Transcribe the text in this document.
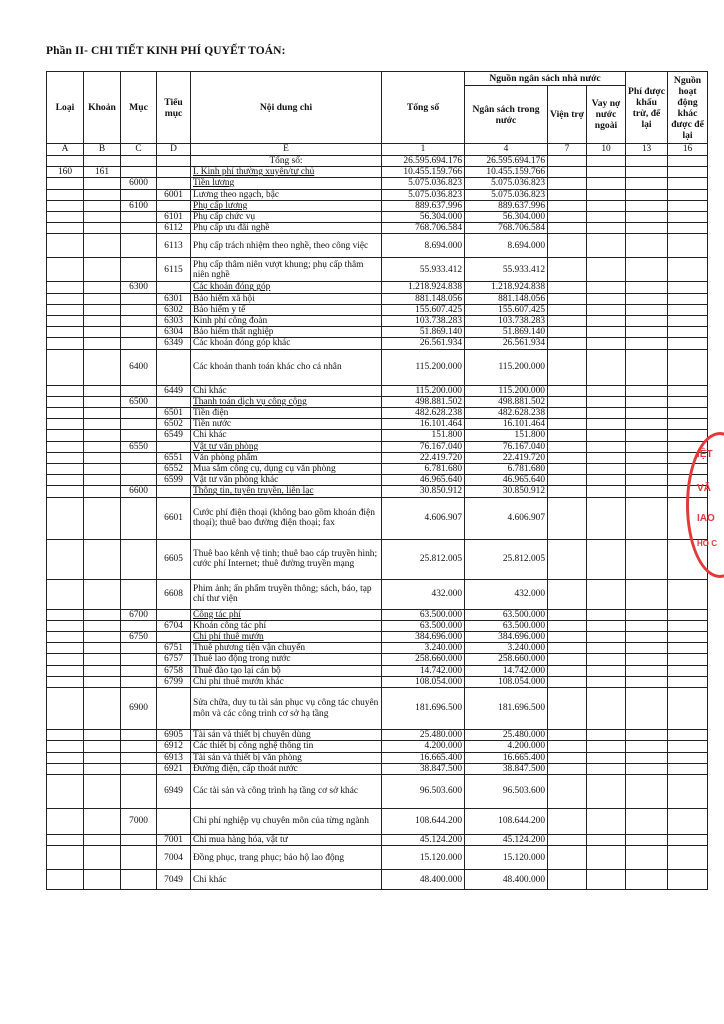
Phần II- CHI TIẾT KINH PHÍ QUYẾT TOÁN:
Loại	Khoản	Mục	Tiểu mục	Nội dung chi	Tổng số	Nguồn ngân sách nhà nước			Phí được khấu trừ, để lại	Nguồn hoạt động khác được để lại
						Ngân sách trong nước	Viện trợ	Vay nợ nước ngoài		
A	B	C	D	E	1	4	7	10	13	16
				Tổng số:	26.595.694.176	26.595.694.176				
160	161			I. Kinh phí thường xuyên/tự chủ	10.455.159.766	10.455.159.766				
		6000		Tiền lương	5.075.036.823	5.075.036.823				
			6001	Lương theo ngạch, bậc	5.075.036.823	5.075.036.823				
		6100		Phụ cấp lương	889.637.996	889.637.996				
			6101	Phụ cấp chức vụ	56.304.000	56.304.000				
			6112	Phụ cấp ưu đãi nghề	768.706.584	768.706.584				
			6113	Phụ cấp trách nhiệm theo nghề, theo công việc	8.694.000	8.694.000				
			6115	Phụ cấp thâm niên vượt khung; phụ cấp thâm niên nghề	55.933.412	55.933.412				
		6300		Các khoản đóng góp	1.218.924.838	1.218.924.838				
			6301	Bảo hiểm xã hội	881.148.056	881.148.056				
			6302	Bảo hiểm y tế	155.607.425	155.607.425				
			6303	Kinh phí công đoàn	103.738.283	103.738.283				
			6304	Bảo hiểm thất nghiệp	51.869.140	51.869.140				
			6349	Các khoản đóng góp khác	26.561.934	26.561.934				
		6400		Các khoản thanh toán khác cho cá nhân	115.200.000	115.200.000				
			6449	Chi khác	115.200.000	115.200.000				
		6500		Thanh toán dịch vụ công cộng	498.881.502	498.881.502				
			6501	Tiền điện	482.628.238	482.628.238				
			6502	Tiền nước	16.101.464	16.101.464				
			6549	Chi khác	151.800	151.800				
		6550		Vật tư văn phòng	76.167.040	76.167.040				
			6551	Văn phòng phẩm	22.419.720	22.419.720				
			6552	Mua sắm công cụ, dụng cụ văn phòng	6.781.680	6.781.680				
			6599	Vật tư văn phòng khác	46.965.640	46.965.640				
		6600		Thông tin, tuyên truyền, liên lạc	30.850.912	30.850.912				
			6601	Cước phí điện thoại (không bao gồm khoán điện thoại); thuê bao đường điện thoại; fax	4.606.907	4.606.907				
			6605	Thuê bao kênh vệ tinh; thuê bao cáp truyền hình; cước phí Internet; thuê đường truyền mạng	25.812.005	25.812.005				
			6608	Phim ảnh; ấn phẩm truyền thông; sách, báo, tạp chí thư viện	432.000	432.000				
		6700		Công tác phí	63.500.000	63.500.000				
			6704	Khoán công tác phí	63.500.000	63.500.000				
		6750		Chi phí thuê mướn	384.696.000	384.696.000				
			6751	Thuê phương tiện vận chuyển	3.240.000	3.240.000				
			6757	Thuê lao động trong nước	258.660.000	258.660.000				
			6758	Thuê đào tạo lại cán bộ	14.742.000	14.742.000				
			6799	Chi phí thuê mướn khác	108.054.000	108.054.000				
		6900		Sửa chữa, duy tu tài sản phục vụ công tác chuyên môn và các công trình cơ sở hạ tầng	181.696.500	181.696.500				
			6905	Tài sản và thiết bị chuyên dùng	25.480.000	25.480.000				
			6912	Các thiết bị công nghệ thông tin	4.200.000	4.200.000				
			6913	Tài sản và thiết bị văn phòng	16.665.400	16.665.400				
			6921	Đường điện, cấp thoát nước	38.847.500	38.847.500				
			6949	Các tài sản và công trình hạ tầng cơ sở khác	96.503.600	96.503.600				
		7000		Chi phí nghiệp vụ chuyên môn của từng ngành	108.644.200	108.644.200				
			7001	Chi mua hàng hóa, vật tư	45.124.200	45.124.200				
			7004	Đồng phục, trang phục; bảo hộ lao động	15.120.000	15.120.000				
			7049	Chi khác	48.400.000	48.400.000				
IỆT
VĂ
IAO
HO C
